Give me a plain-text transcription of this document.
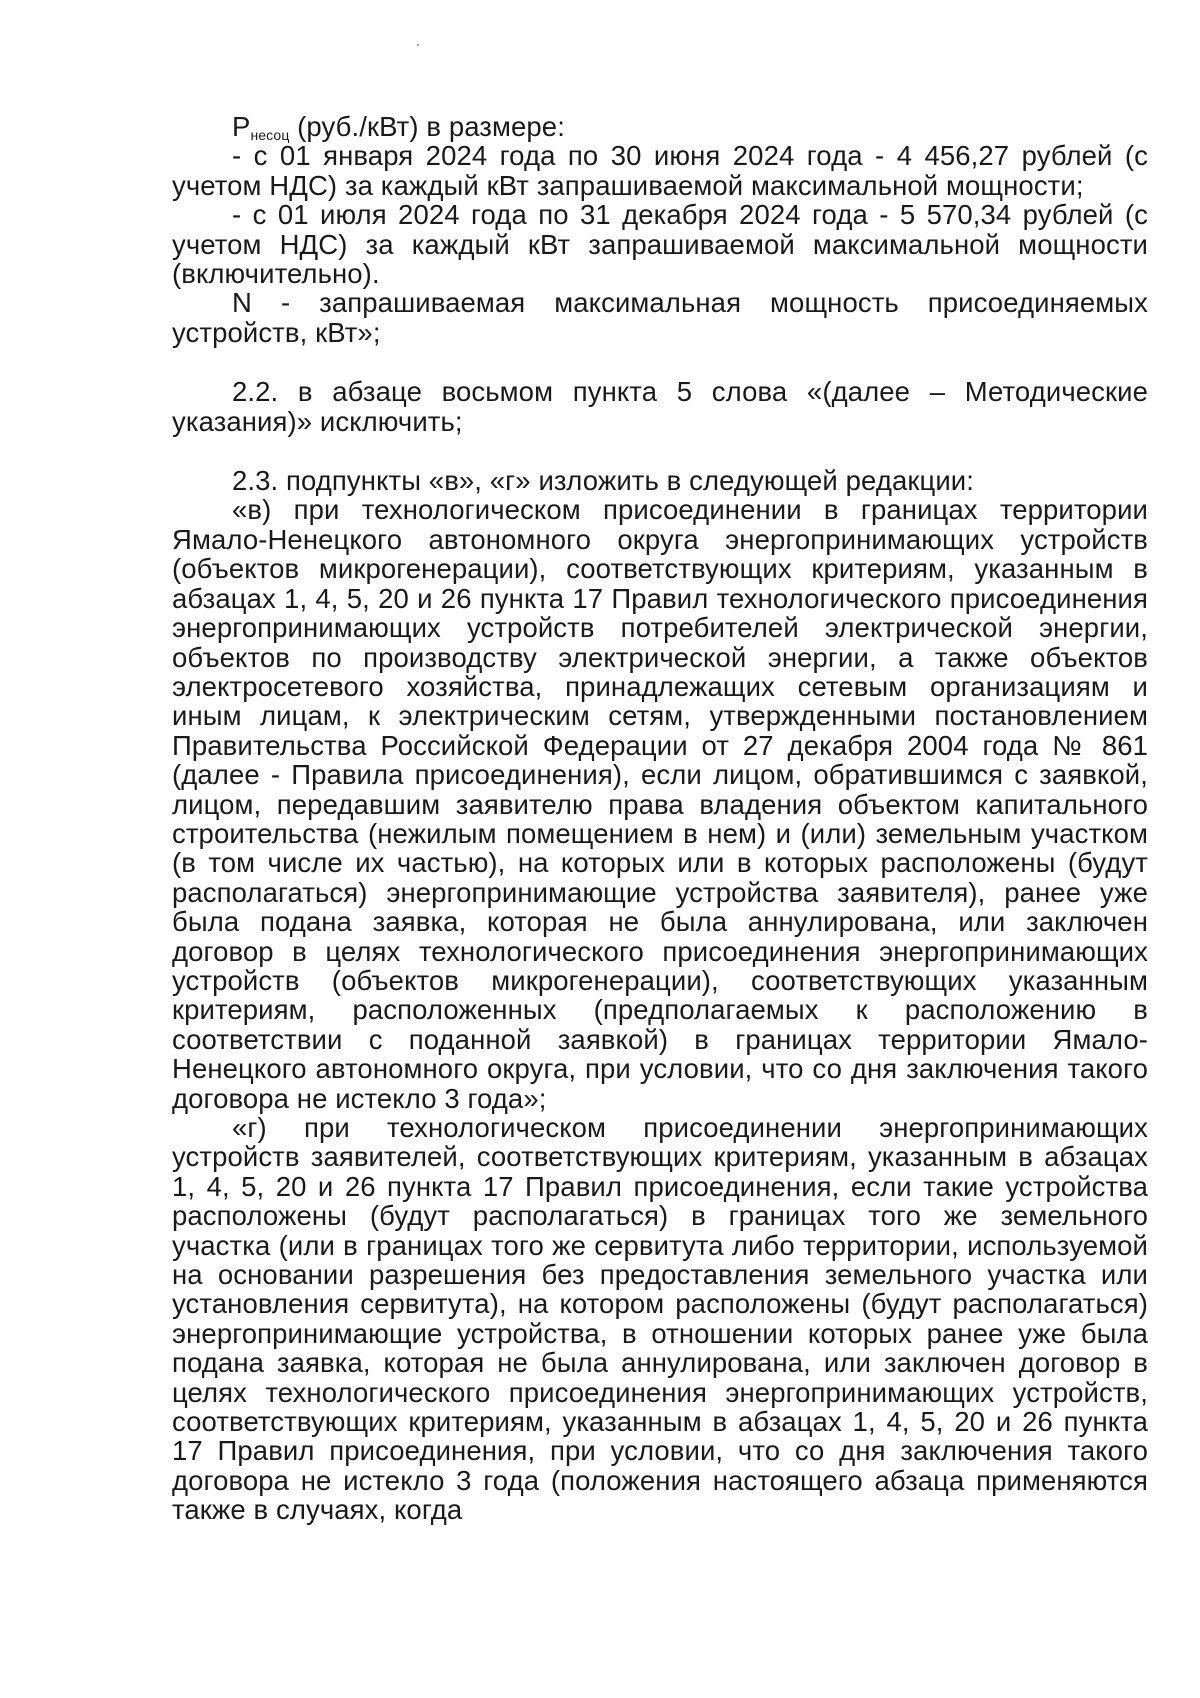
$P_{несоц}$ (руб./кВт) в размере:

- с 01 января 2024 года по 30 июня 2024 года - 4 456,27 рублей (с учетом НДС) за каждый кВт запрашиваемой максимальной мощности;

- с 01 июля 2024 года по 31 декабря 2024 года - 5 570,34 рублей (с учетом НДС) за каждый кВт запрашиваемой максимальной мощности (включительно).

N - запрашиваемая максимальная мощность присоединяемых устройств, кВт»;

2.2. в абзаце восьмом пункта 5 слова «(далее – Методические указания)» исключить;

2.3. подпункты «в», «г» изложить в следующей редакции:

«в) при технологическом присоединении в границах территории Ямало-Ненецкого автономного округа энергопринимающих устройств (объектов микрогенерации), соответствующих критериям, указанным в абзацах 1, 4, 5, 20 и 26 пункта 17 Правил технологического присоединения энергопринимающих устройств потребителей электрической энергии, объектов по производству электрической энергии, а также объектов электросетевого хозяйства, принадлежащих сетевым организациям и иным лицам, к электрическим сетям, утвержденными постановлением Правительства Российской Федерации от 27 декабря 2004 года № 861 (далее - Правила присоединения), если лицом, обратившимся с заявкой, лицом, передавшим заявителю права владения объектом капитального строительства (нежилым помещением в нем) и (или) земельным участком (в том числе их частью), на которых или в которых расположены (будут располагаться) энергопринимающие устройства заявителя), ранее уже была подана заявка, которая не была аннулирована, или заключен договор в целях технологического присоединения энергопринимающих устройств (объектов микрогенерации), соответствующих указанным критериям, расположенных (предполагаемых к расположению в соответствии с поданной заявкой) в границах территории Ямало-Ненецкого автономного округа, при условии, что со дня заключения такого договора не истекло 3 года»;

«г) при технологическом присоединении энергопринимающих устройств заявителей, соответствующих критериям, указанным в абзацах 1, 4, 5, 20 и 26 пункта 17 Правил присоединения, если такие устройства расположены (будут располагаться) в границах того же земельного участка (или в границах того же сервитута либо территории, используемой на основании разрешения без предоставления земельного участка или установления сервитута), на котором расположены (будут располагаться) энергопринимающие устройства, в отношении которых ранее уже была подана заявка, которая не была аннулирована, или заключен договор в целях технологического присоединения энергопринимающих устройств, соответствующих критериям, указанным в абзацах 1, 4, 5, 20 и 26 пункта 17 Правил присоединения, при условии, что со дня заключения такого договора не истекло 3 года (положения настоящего абзаца применяются также в случаях, когда
